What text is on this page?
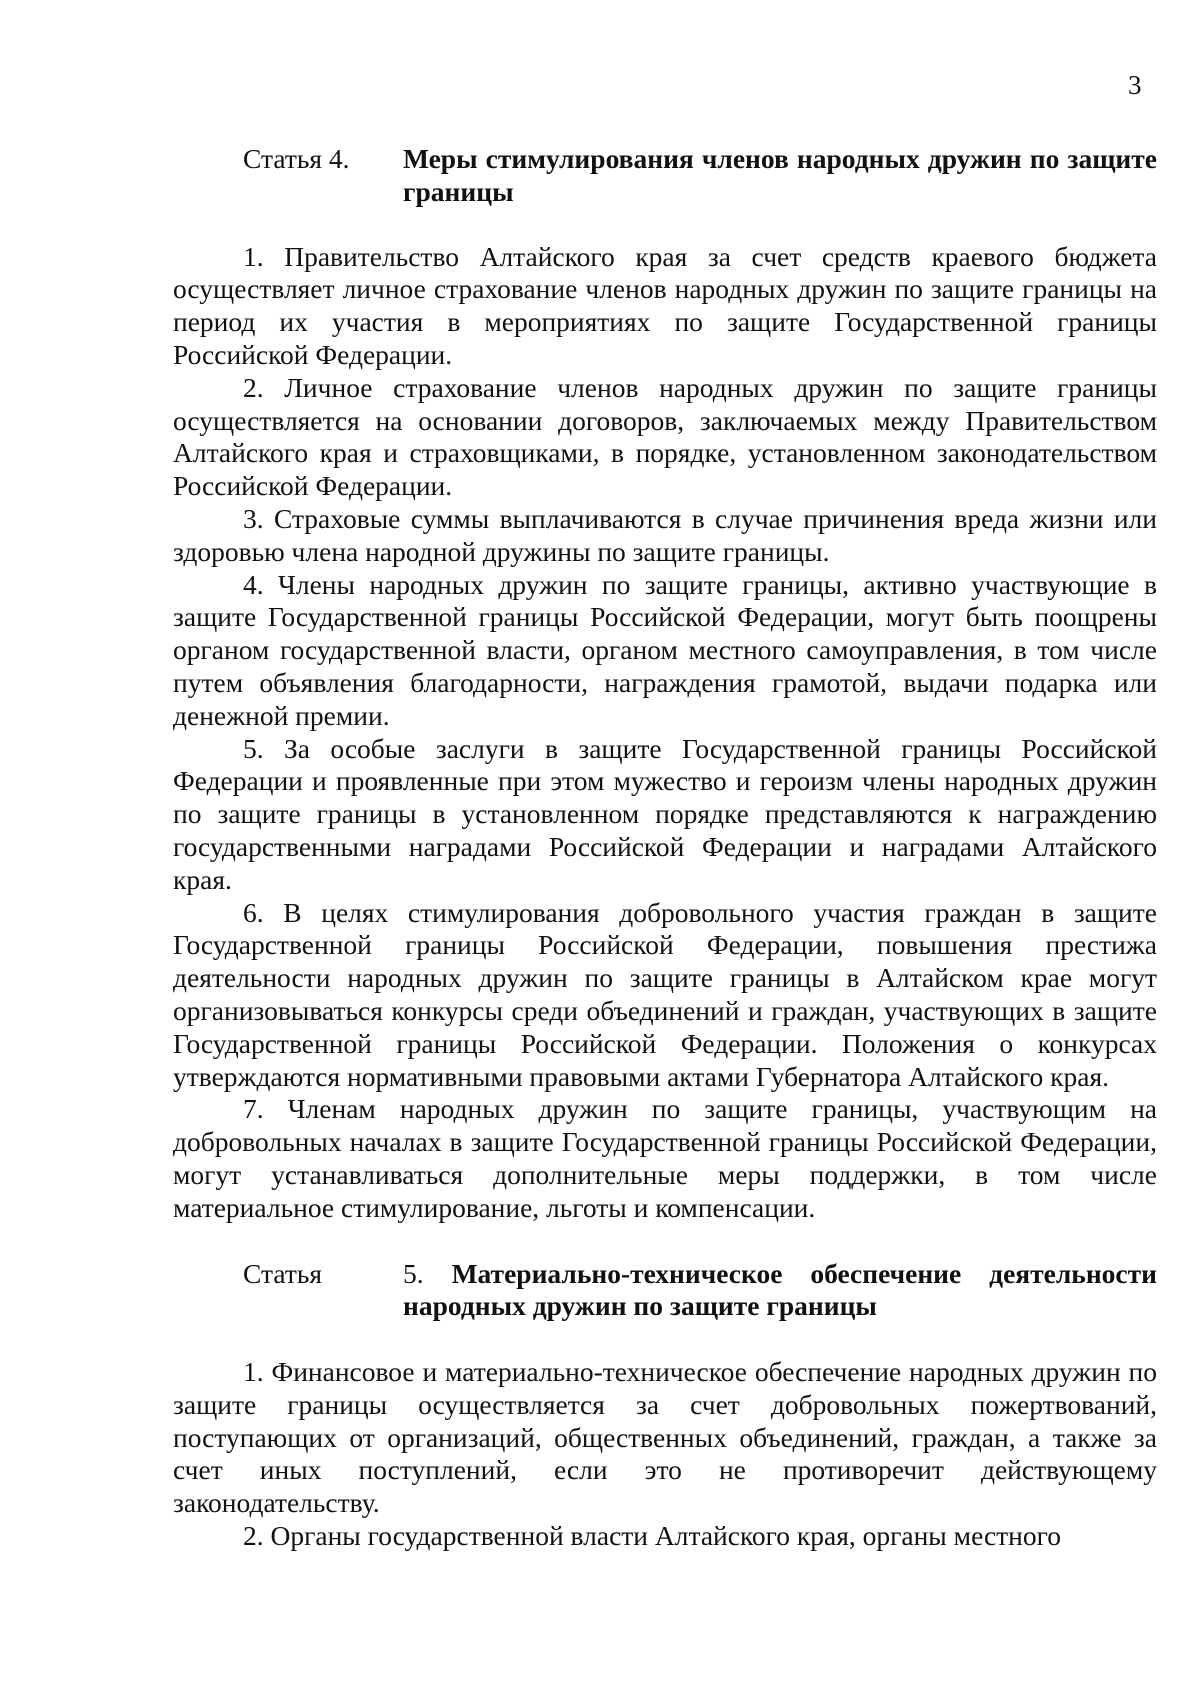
3
Статья 4.	Меры стимулирования членов народных дружин по защите границы

1. Правительство Алтайского края за счет средств краевого бюджета осуществляет личное страхование членов народных дружин по защите границы на период их участия в мероприятиях по защите Государственной границы Российской Федерации.

2. Личное страхование членов народных дружин по защите границы осуществляется на основании договоров, заключаемых между Правительством Алтайского края и страховщиками, в порядке, установленном законодательством Российской Федерации.

3. Страховые суммы выплачиваются в случае причинения вреда жизни или здоровью члена народной дружины по защите границы.

4. Члены народных дружин по защите границы, активно участвующие в защите Государственной границы Российской Федерации, могут быть поощрены органом государственной власти, органом местного самоуправления, в том числе путем объявления благодарности, награждения грамотой, выдачи подарка или денежной премии.

5. За особые заслуги в защите Государственной границы Российской Федерации и проявленные при этом мужество и героизм члены народных дружин по защите границы в установленном порядке представляются к награждению государственными наградами Российской Федерации и наградами Алтайского края.

6. В целях стимулирования добровольного участия граждан в защите Государственной границы Российской Федерации, повышения престижа деятельности народных дружин по защите границы в Алтайском крае могут организовываться конкурсы среди объединений и граждан, участвующих в защите Государственной границы Российской Федерации. Положения о конкурсах утверждаются нормативными правовыми актами Губернатора Алтайского края.

7. Членам народных дружин по защите границы, участвующим на добровольных началах в защите Государственной границы Российской Федерации, могут устанавливаться дополнительные меры поддержки, в том числе материальное стимулирование, льготы и компенсации.

Статья	5. Материально-техническое обеспечение деятельности
народных дружин по защите границы

1. Финансовое и материально-техническое обеспечение народных дружин по защите границы осуществляется за счет добровольных пожертвований, поступающих от организаций, общественных объединений, граждан, а также за счет иных поступлений, если это не противоречит действующему законодательству.

2. Органы государственной власти Алтайского края, органы местного
